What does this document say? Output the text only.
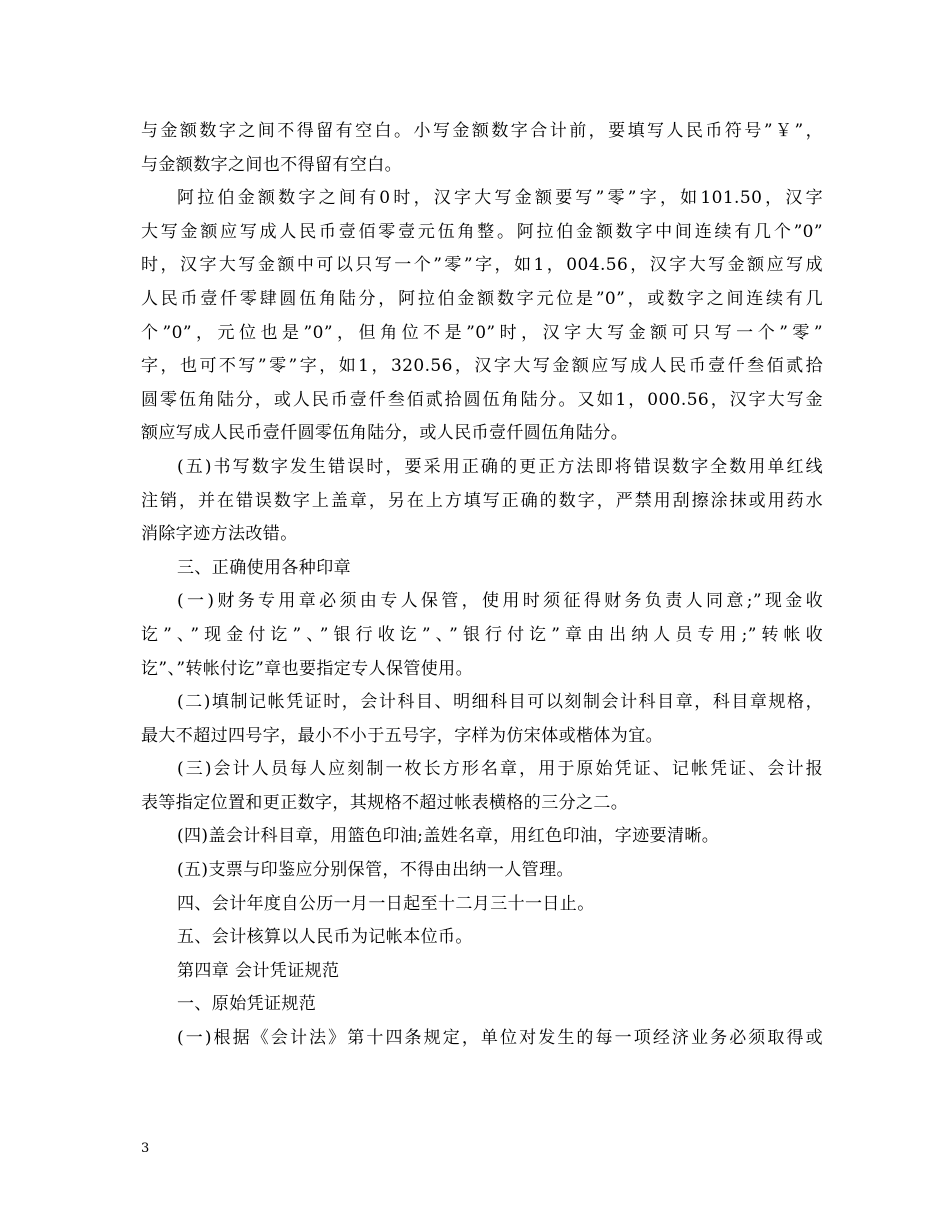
与金额数字之间不得留有空白。小写金额数字合计前，要填写人民币符号”￥”，
与金额数字之间也不得留有空白。
阿拉伯金额数字之间有0时，汉字大写金额要写”零”字，如101.50，汉字
大写金额应写成人民币壹佰零壹元伍角整。阿拉伯金额数字中间连续有几个”0”
时，汉字大写金额中可以只写一个”零”字，如1，004.56，汉字大写金额应写成
人民币壹仟零肆圆伍角陆分，阿拉伯金额数字元位是”0”，或数字之间连续有几
个”0”，元位也是”0”，但角位不是”0”时，汉字大写金额可只写一个”零”
字，也可不写”零”字，如1，320.56，汉字大写金额应写成人民币壹仟叁佰贰拾
圆零伍角陆分，或人民币壹仟叁佰贰拾圆伍角陆分。又如1，000.56，汉字大写金
额应写成人民币壹仟圆零伍角陆分，或人民币壹仟圆伍角陆分。
(五)书写数字发生错误时，要采用正确的更正方法即将错误数字全数用单红线
注销，并在错误数字上盖章，另在上方填写正确的数字，严禁用刮擦涂抹或用药水
消除字迹方法改错。
三、正确使用各种印章
(一)财务专用章必须由专人保管，使用时须征得财务负责人同意;”现金收
讫”、”现金付讫”、”银行收讫”、”银行付讫”章由出纳人员专用;”转帐收
讫”、”转帐付讫”章也要指定专人保管使用。
(二)填制记帐凭证时，会计科目、明细科目可以刻制会计科目章，科目章规格，
最大不超过四号字，最小不小于五号字，字样为仿宋体或楷体为宜。
(三)会计人员每人应刻制一枚长方形名章，用于原始凭证、记帐凭证、会计报
表等指定位置和更正数字，其规格不超过帐表横格的三分之二。
(四)盖会计科目章，用篮色印油;盖姓名章，用红色印油，字迹要清晰。
(五)支票与印鉴应分别保管，不得由出纳一人管理。
四、会计年度自公历一月一日起至十二月三十一日止。
五、会计核算以人民币为记帐本位币。
第四章 会计凭证规范
一、原始凭证规范
(一)根据《会计法》第十四条规定，单位对发生的每一项经济业务必须取得或
3
